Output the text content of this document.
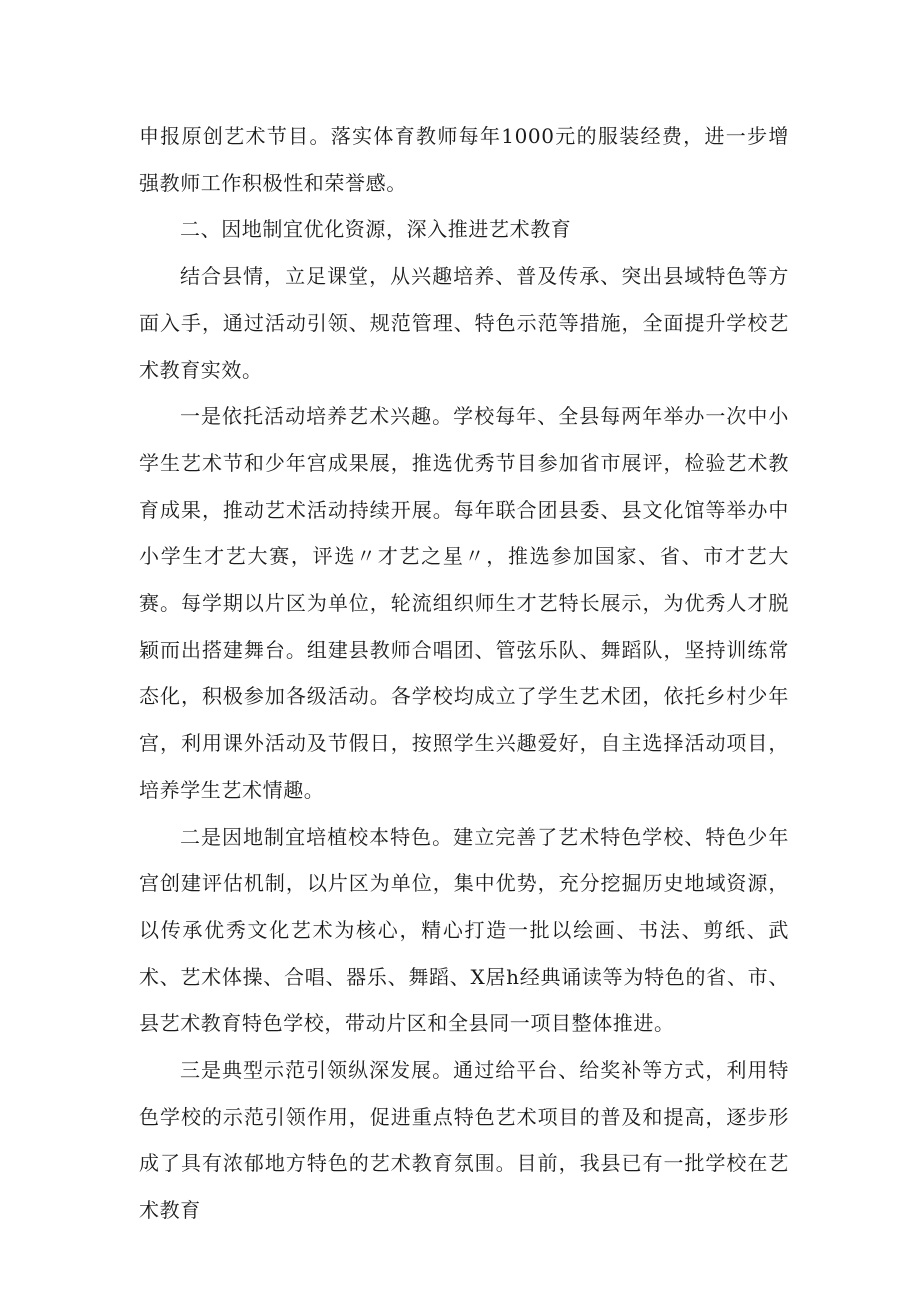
申报原创艺术节目。落实体育教师每年1000元的服装经费，进一步增强教师工作积极性和荣誉感。

二、因地制宜优化资源，深入推进艺术教育

结合县情，立足课堂，从兴趣培养、普及传承、突出县域特色等方面入手，通过活动引领、规范管理、特色示范等措施，全面提升学校艺术教育实效。

一是依托活动培养艺术兴趣。学校每年、全县每两年举办一次中小学生艺术节和少年宫成果展，推选优秀节目参加省市展评，检验艺术教育成果，推动艺术活动持续开展。每年联合团县委、县文化馆等举办中小学生才艺大赛，评选〃才艺之星〃，推选参加国家、省、市才艺大赛。每学期以片区为单位，轮流组织师生才艺特长展示，为优秀人才脱颖而出搭建舞台。组建县教师合唱团、管弦乐队、舞蹈队，坚持训练常态化，积极参加各级活动。各学校均成立了学生艺术团，依托乡村少年宫，利用课外活动及节假日，按照学生兴趣爱好，自主选择活动项目，培养学生艺术情趣。

二是因地制宜培植校本特色。建立完善了艺术特色学校、特色少年宫创建评估机制，以片区为单位，集中优势，充分挖掘历史地域资源，以传承优秀文化艺术为核心，精心打造一批以绘画、书法、剪纸、武术、艺术体操、合唱、器乐、舞蹈、X居h经典诵读等为特色的省、市、县艺术教育特色学校，带动片区和全县同一项目整体推进。

三是典型示范引领纵深发展。通过给平台、给奖补等方式，利用特色学校的示范引领作用，促进重点特色艺术项目的普及和提高，逐步形成了具有浓郁地方特色的艺术教育氛围。目前，我县已有一批学校在艺术教育
